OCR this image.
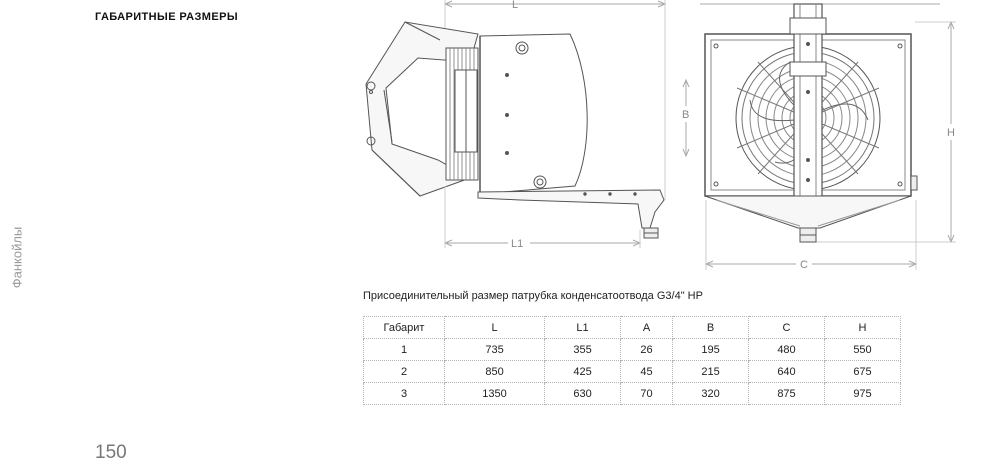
ГАБАРИТНЫЕ РАЗМЕРЫ
Фанкойлы
150
L
L1
B
H
C
Присоединительный размер патрубка конденсатоотвода G3/4" НР
Габарит	L	L1	A	B	C	H
1	735	355	26	195	480	550
2	850	425	45	215	640	675
3	1350	630	70	320	875	975
